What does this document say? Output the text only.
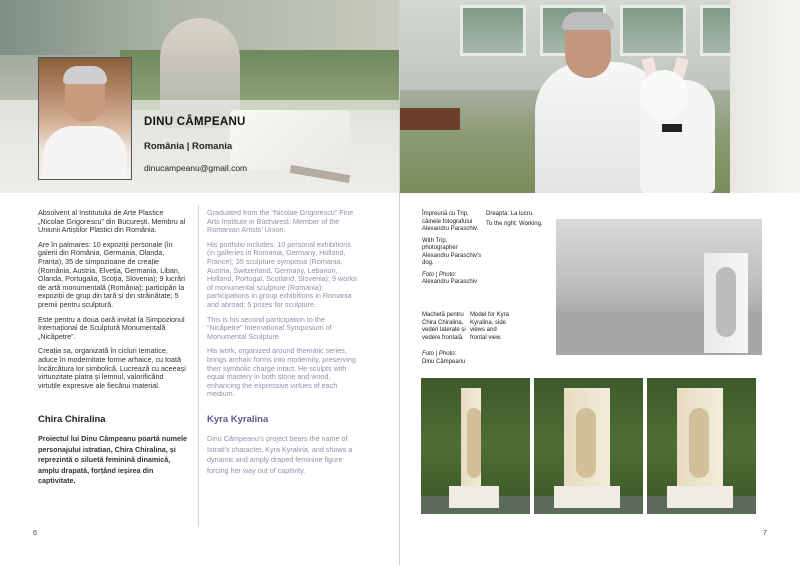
DINU CÂMPEANU
România | Romania
dinucampeanu@gmail.com

Absolvent al Institutului de Arte Plastice „Nicolae Grigorescu” din București. Membru al Uniunii Artiștilor Plastici din România.

Are în palmares: 10 expoziții personale (în galerii din România, Germania, Olanda, Franța); 35 de simpozioane de creație (România, Austria, Elveția, Germania, Liban, Olanda, Portugalia, Scoția, Slovenia); 9 lucrări de artă monumentală (România); participări la expoziții de grup din țară și din străinătate; 5 premii pentru sculptură.

Este pentru a doua oară invitat la Simpozionul Internațional de Sculptură Monumentală „Nicăpetre”.

Creația sa, organizată în cicluri tematice, aduce în modernitate forme arhaice, cu toată încărcătura lor simbolică. Lucrează cu aceeași virtuozitate piatra și lemnul, valorificând virtuțile expresive ale fiecărui material.

Graduated from the “Nicolae Grigorescu” Fine Arts Institute in Bucharest. Member of the Romanian Artists’ Union.

His portfolio includes: 10 personal exhibitions (in galleries in Romania, Germany, Holland, France); 35 sculpture symposia (Romania, Austria, Switzerland, Germany, Lebanon, Holland, Portugal, Scotland, Slovenia); 9 works of monumental sculpture (Romania); participations in group exhibitions in Romania and abroad; 5 prizes for sculpture.

This is his second participation to the “Nicăpetre” International Symposium of Monumental Sculpture.

His work, organized around thematic series, brings archaic forms into modernity, preserving their symbolic charge intact. He sculpts with equal mastery in both stone and wood, enhancing the expressive virtues of each medium.

Chira Chiralina
Proiectul lui Dinu Câmpeanu poartă numele personajului istratian, Chira Chiralina, și reprezintă o siluetă feminină dinamică, amplu drapată, forțând ieșirea din captivitate.
Kyra Kyralina
Dinu Câmpeanu’s project bears the name of Istrati’s character, Kyra Kyralina, and shows a dynamic and amply draped feminine figure forcing her way out of captivity.
6
Împreună cu Trip, câinele fotografului Alexandru Paraschiv.
With Trip, photographer Alexandru Paraschiv's dog.
Foto | Photo:
Alexandru Paraschiv
Dreapta: La lucru.
To the right: Working.
Machetă pentru Chira Chiralina, vederi laterale și vedere frontală.
Model for Kyra Kyralina, side views and frontal view.
Foto | Photo:
Dinu Câmpeanu
7
